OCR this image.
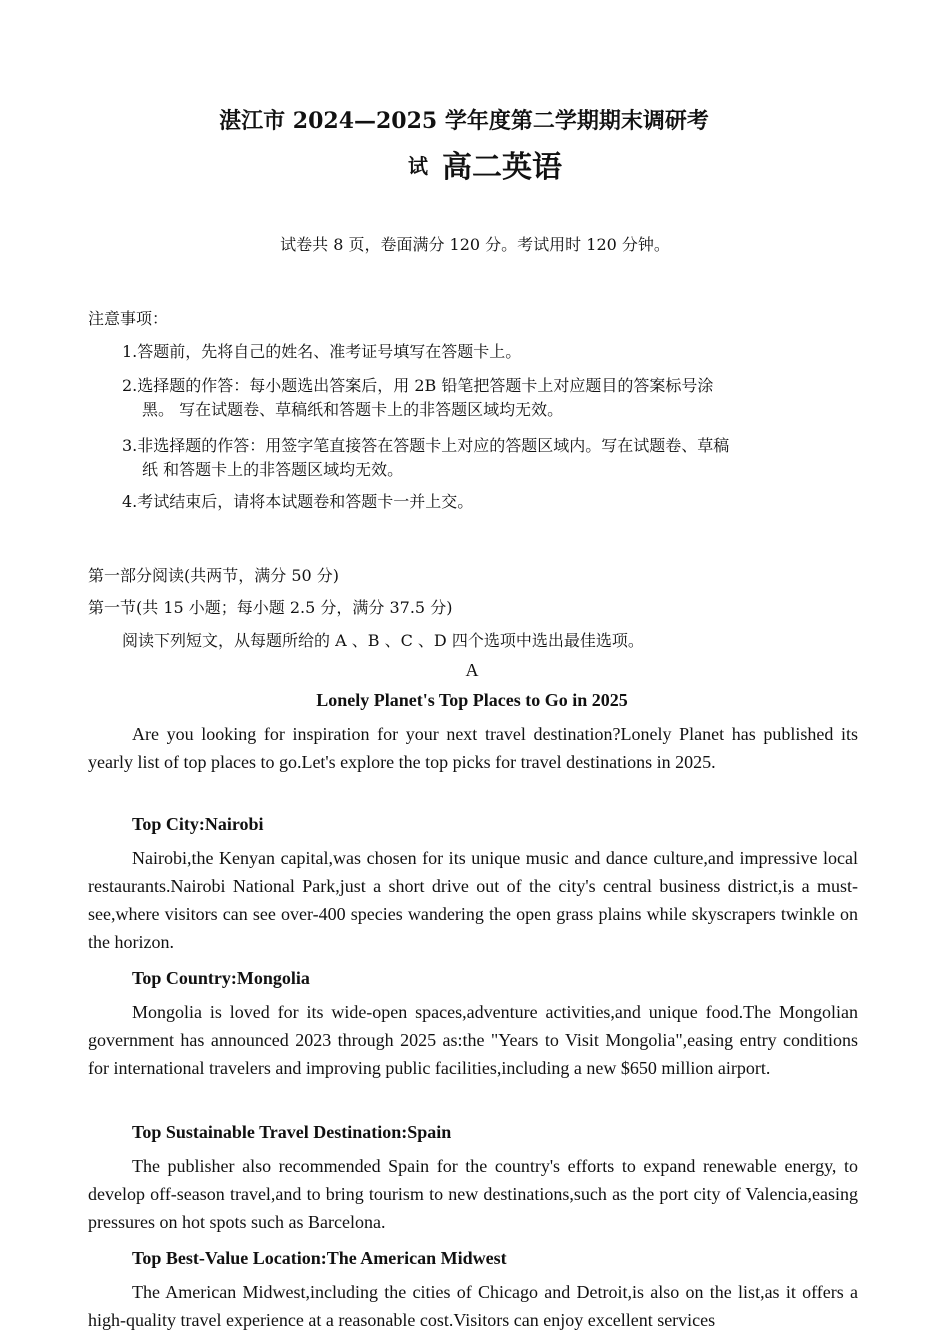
湛江市 2024—2025 学年度第二学期期末调研考
试 高二英语
试卷共 8 页，卷面满分 120 分。考试用时 120 分钟。
注意事项：
1.答题前，先将自己的姓名、准考证号填写在答题卡上。
2.选择题的作答：每小题选出答案后，用 2B 铅笔把答题卡上对应题目的答案标号涂
黑。 写在试题卷、草稿纸和答题卡上的非答题区域均无效。
3.非选择题的作答：用签字笔直接答在答题卡上对应的答题区域内。写在试题卷、草稿
纸 和答题卡上的非答题区域均无效。
4.考试结束后，请将本试题卷和答题卡一并上交。
第一部分阅读(共两节，满分 50 分)
第一节(共 15 小题；每小题 2.5 分，满分 37.5 分)
阅读下列短文，从每题所给的 A 、B 、C 、D 四个选项中选出最佳选项。
A
Lonely Planet's Top Places to Go in 2025

Are you looking for inspiration for your next travel destination?Lonely Planet has published its yearly list of top places to go.Let's explore the top picks for travel destinations in 2025.

Top City:Nairobi

Nairobi,the Kenyan capital,was chosen for its unique music and dance culture,and impressive local restaurants.Nairobi National Park,just a short drive out of the city's central business district,is a must-see,where visitors can see over-400 species wandering the open grass plains while skyscrapers twinkle on the horizon.

Top Country:Mongolia

Mongolia is loved for its wide-open spaces,adventure activities,and unique food.The Mongolian government has announced 2023 through 2025 as:the "Years to Visit Mongolia",easing entry conditions for international travelers and improving public facilities,including a new $650 million airport.

Top Sustainable Travel Destination:Spain

The publisher also recommended Spain for the country's efforts to expand renewable energy, to develop off-season travel,and to bring tourism to new destinations,such as the port city of Valencia,easing pressures on hot spots such as Barcelona.

Top Best-Value Location:The American Midwest

The American Midwest,including the cities of Chicago and Detroit,is also on the list,as it offers a high-quality travel experience at a reasonable cost.Visitors can enjoy excellent services
